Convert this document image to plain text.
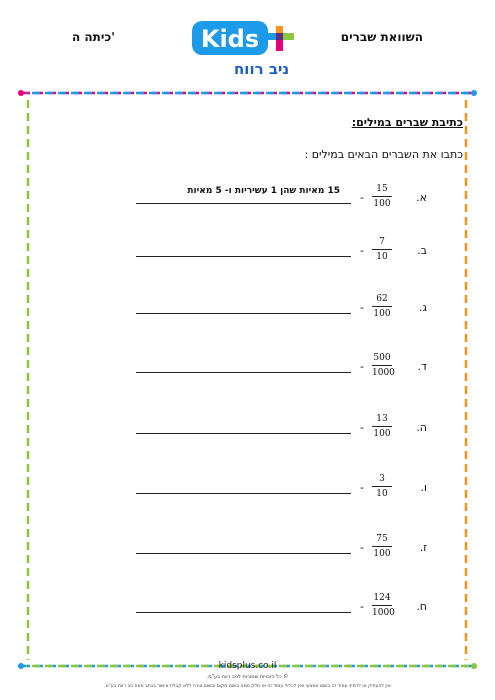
השוואת שברים
כיתה ה'	Kids
ניב רווח
כתיבת שברים במילים:
כתבו את השברים הבאים במילים :
א.
- $\frac{15}{100}$
15 מאיות שהן 1 עשיריות ו- 5 מאיות
ב.
- $\frac{7}{10}$
ג.
- $\frac{62}{100}$
ד.
- $\frac{500}{1000}$
ה.
- $\frac{13}{100}$
ו.
- $\frac{3}{10}$
ז.
- $\frac{75}{100}$
ח.
- $\frac{124}{1000}$
kidsplus.co.il
© כל הזכויות שמורות לניב רווח בע"מ.
אין להעתיק או להפיץ עמוד זה בשום אמצעי ואין לכלול עמוד זה או חלק ממנו בשום מקום ובשום צורה ללא קבלת אישור בכתב מאת ניב רווח בע"מ.
